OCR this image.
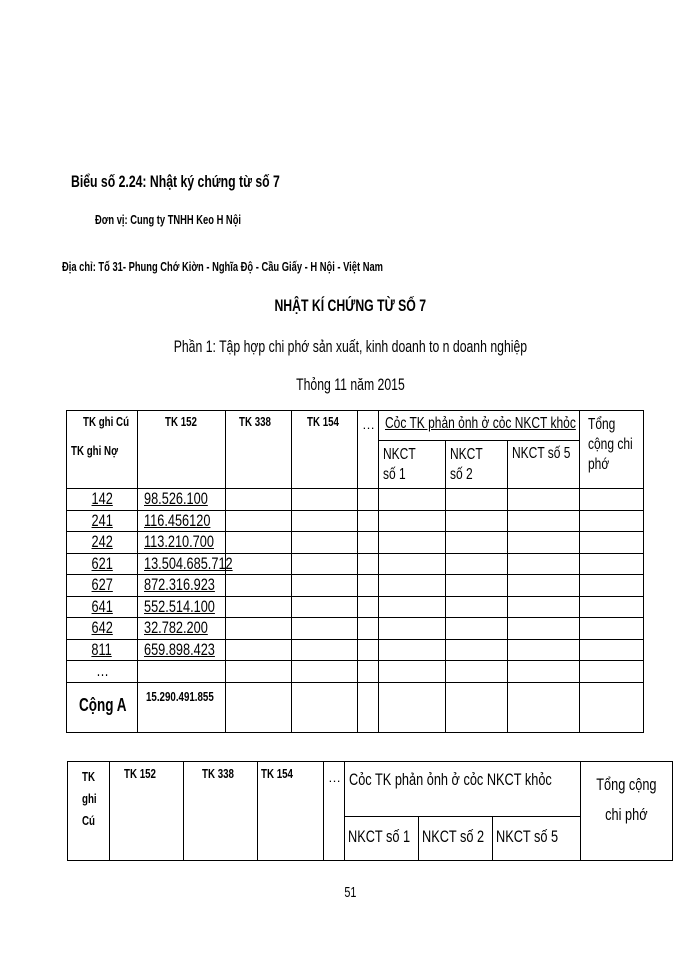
Biểu số 2.24: Nhật ký chứng từ số 7
Đơn vị: Cung ty TNHH Keo H Nội
Địa chỉ: Tố 31- Phung Chớ Kiờn - Nghĩa Độ - Cầu Giấy - H Nội - Việt Nam
NHẬT KÍ CHỨNG TỪ SỐ 7
Phần 1: Tập hợp chi phớ sản xuất, kinh doanh to n doanh nghiệp
Thỏng 11 năm 2015
TK ghi Cú
TK ghi Nợ	TK 152	TK 338	TK 154	…	Cỏc TK phản ỏnh ở cỏc NKCT khỏc			Tổng cộng chi phớ

					NKCT số 1	NKCT số 2	NKCT số 5	

142	98.526.100							

241	116.456120							

242	113.210.700							

621	13.504.685.712							

627	872.316.923							

641	552.514.100							

642	32.782.200							

811	659.898.423							

…	

Cộng A	15.290.491.855							

TK ghi Cú	TK 152	TK 338	TK 154	…	Cỏc TK phản ỏnh ở cỏc NKCT khỏc			Tổng cộng chi phớ

					NKCT số 1	NKCT số 2	NKCT số 5	
51
